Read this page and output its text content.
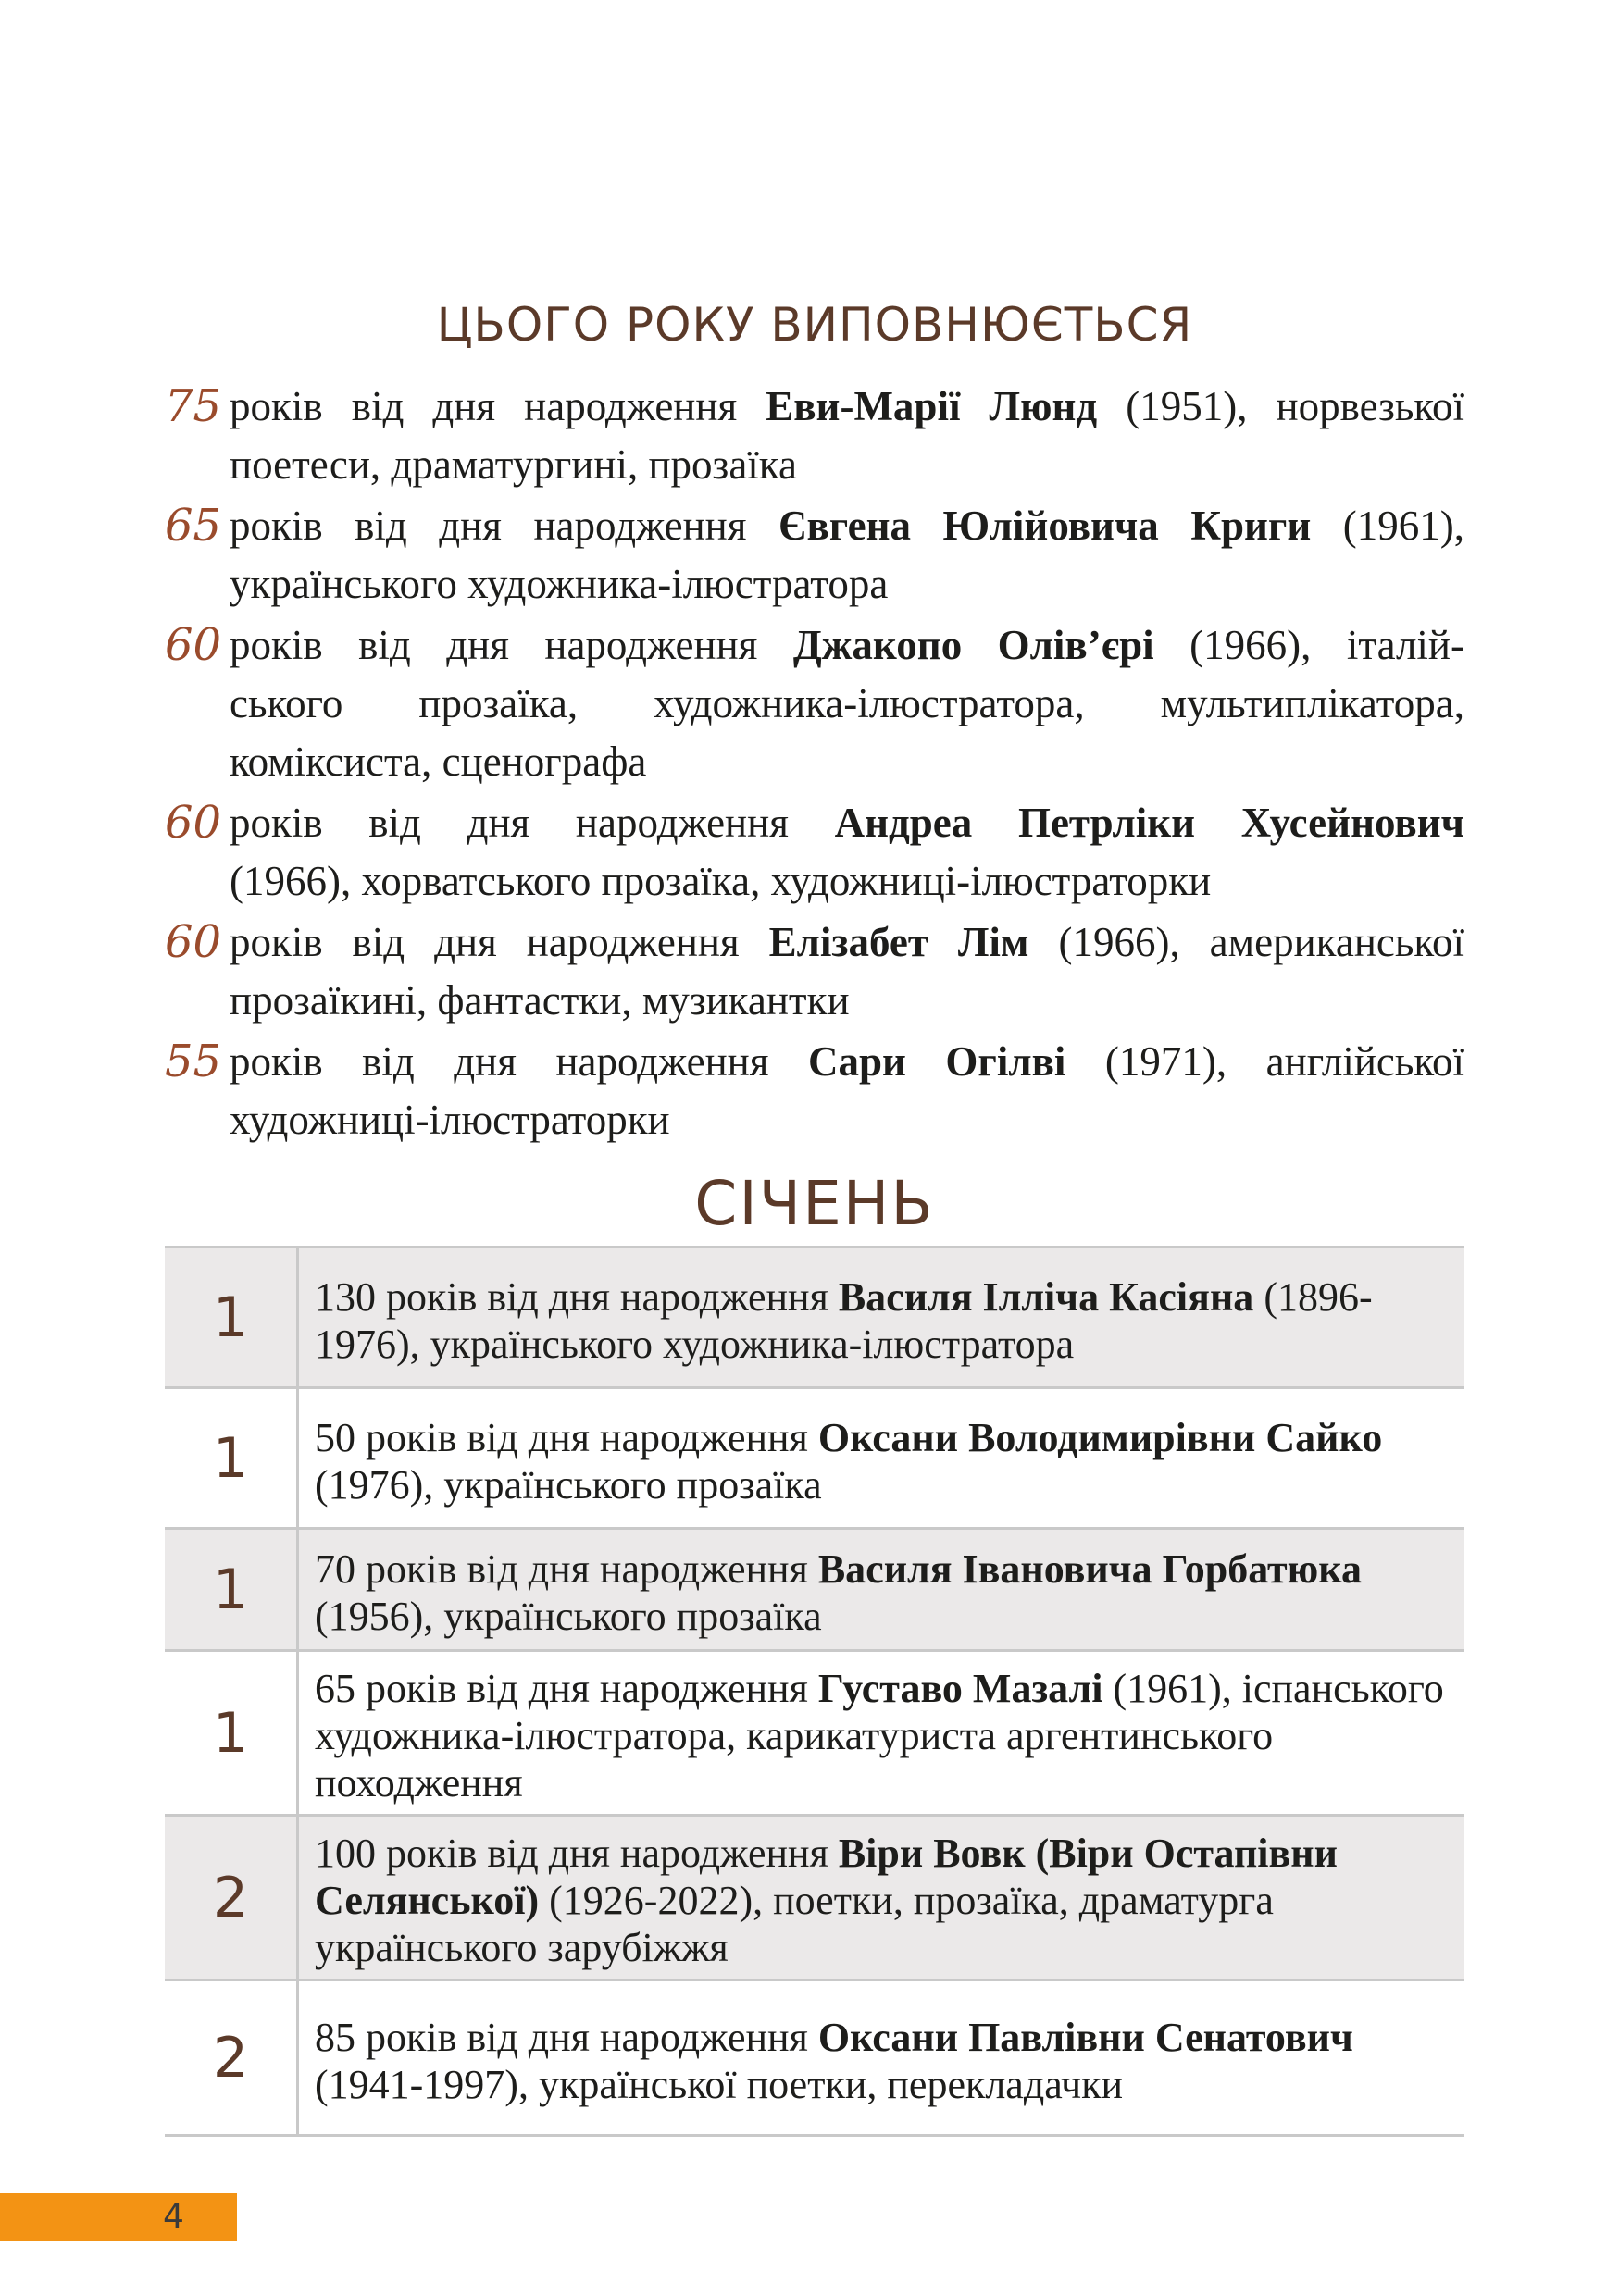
ЦЬОГО РОКУ ВИПОВНЮЄТЬСЯ
75 років від дня народження Еви-Марії Люнд (1951), норвезької
поетеси, драматургині, прозаїка
65 років від дня народження Євгена Юлійовича Криги (1961),
українського художника-ілюстратора
60 років від дня народження Джакопо Олів’єрі (1966), італій-
ського прозаїка, художника-ілюстратора, мультиплікатора, коміксиста, сценографа
60 років від дня народження Андреа Петрліки Хусейнович
(1966), хорватського прозаїка, художниці-ілюстраторки
60 років від дня народження Елізабет Лім (1966), американської
прозаїкині, фантастки, музикантки
55 років від дня народження Сари Огілві (1971), англійської
художниці-ілюстраторки
СІЧЕНЬ
1	130 років від дня народження Василя Ілліча Касіяна (1896-1976), українського художника-ілюстратора
1	50 років від дня народження Оксани Володимирівни Сайко (1976), українського прозаїка
1	70 років від дня народження Василя Івановича Горбатюка (1956), українського прозаїка
1	65 років від дня народження Густаво Мазалі (1961), іспанського художника-ілюстратора, карикатуриста аргентинського походження
2	100 років від дня народження Віри Вовк (Віри Остапівни Селянської) (1926-2022), поетки, прозаїка, драматурга українського зарубіжжя
2	85 років від дня народження Оксани Павлівни Сенатович (1941-1997), української поетки, перекладачки
4
